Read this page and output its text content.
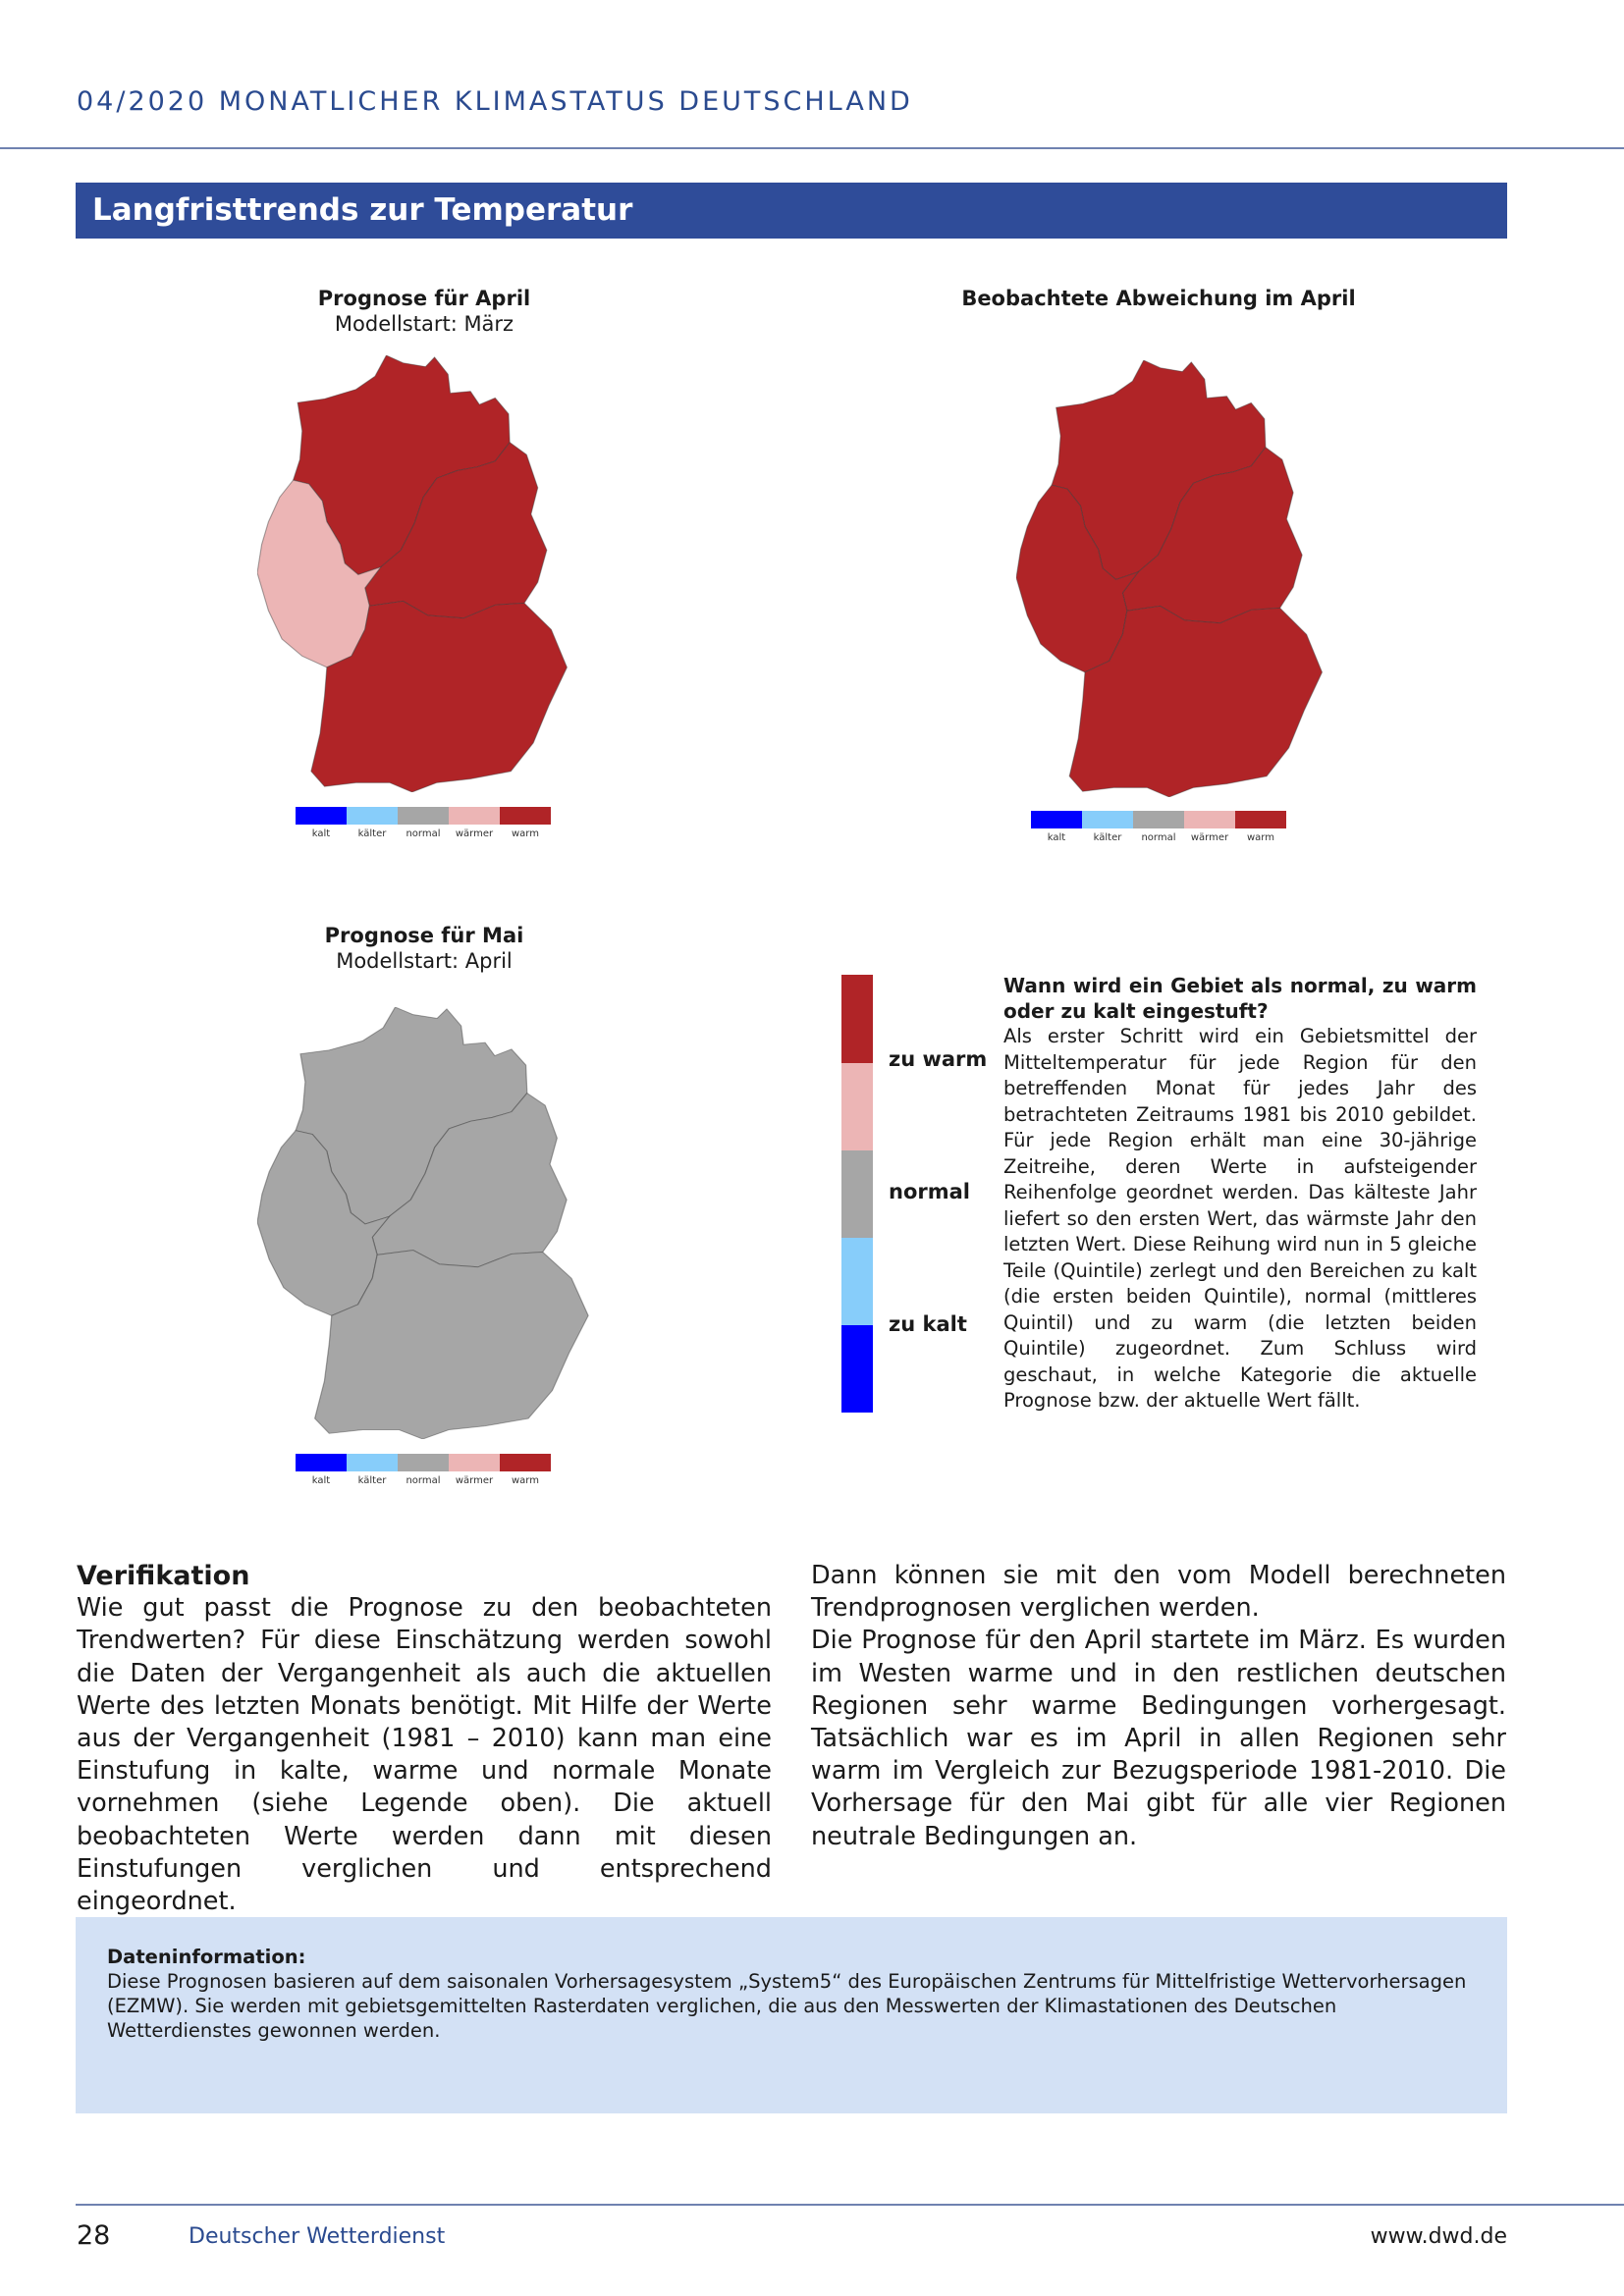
04/2020 MONATLICHER KLIMASTATUS DEUTSCHLAND
Langfristtrends zur Temperatur
Prognose für April
Modellstart: März
kalt	kälter	normal	wärmer	warm
Beobachtete Abweichung im April
kalt	kälter	normal	wärmer	warm
Prognose für Mai
Modellstart: April
kalt	kälter	normal	wärmer	warm
zu warm
normal
zu kalt
Wann wird ein Gebiet als normal, zu warm oder zu kalt eingestuft?
Als erster Schritt wird ein Gebietsmittel der Mitteltemperatur für jede Region für den betreffenden Monat für jedes Jahr des betrachteten Zeitraums 1981 bis 2010 gebildet. Für jede Region erhält man eine 30-jährige Zeitreihe, deren Werte in aufsteigender Reihenfolge geordnet werden. Das kälteste Jahr liefert so den ersten Wert, das wärmste Jahr den letzten Wert. Diese Reihung wird nun in 5 gleiche Teile (Quintile) zerlegt und den Bereichen zu kalt (die ersten beiden Quintile), normal (mittleres Quintil) und zu warm (die letzten beiden Quintile) zugeordnet. Zum Schluss wird geschaut, in welche Kategorie die aktuelle Prognose bzw. der aktuelle Wert fällt.
Verifikation
Wie gut passt die Prognose zu den beobachteten Trendwerten? Für diese Einschätzung werden sowohl die Daten der Vergangenheit als auch die aktuellen Werte des letzten Monats benötigt. Mit Hilfe der Werte aus der Vergangenheit (1981 – 2010) kann man eine Einstufung in kalte, warme und normale Monate vornehmen (siehe Legende oben). Die aktuell beobachteten Werte werden dann mit diesen Einstufungen verglichen und entsprechend eingeordnet.
Dann können sie mit den vom Modell berechneten Trendprognosen verglichen werden.
Die Prognose für den April startete im März. Es wurden im Westen warme und in den restlichen deutschen Regionen sehr warme Bedingungen vorhergesagt. Tatsächlich war es im April in allen Regionen sehr warm im Vergleich zur Bezugsperiode 1981-2010. Die Vorhersage für den Mai gibt für alle vier Regionen neutrale Bedingungen an.
Dateninformation:
Diese Prognosen basieren auf dem saisonalen Vorhersagesystem „System5“ des Europäischen Zentrums für Mittelfristige Wettervorhersagen (EZMW). Sie werden mit gebietsgemittelten Rasterdaten verglichen, die aus den Messwerten der Klimastationen des Deutschen Wetterdienstes gewonnen werden.
28	Deutscher Wetterdienst	www.dwd.de
